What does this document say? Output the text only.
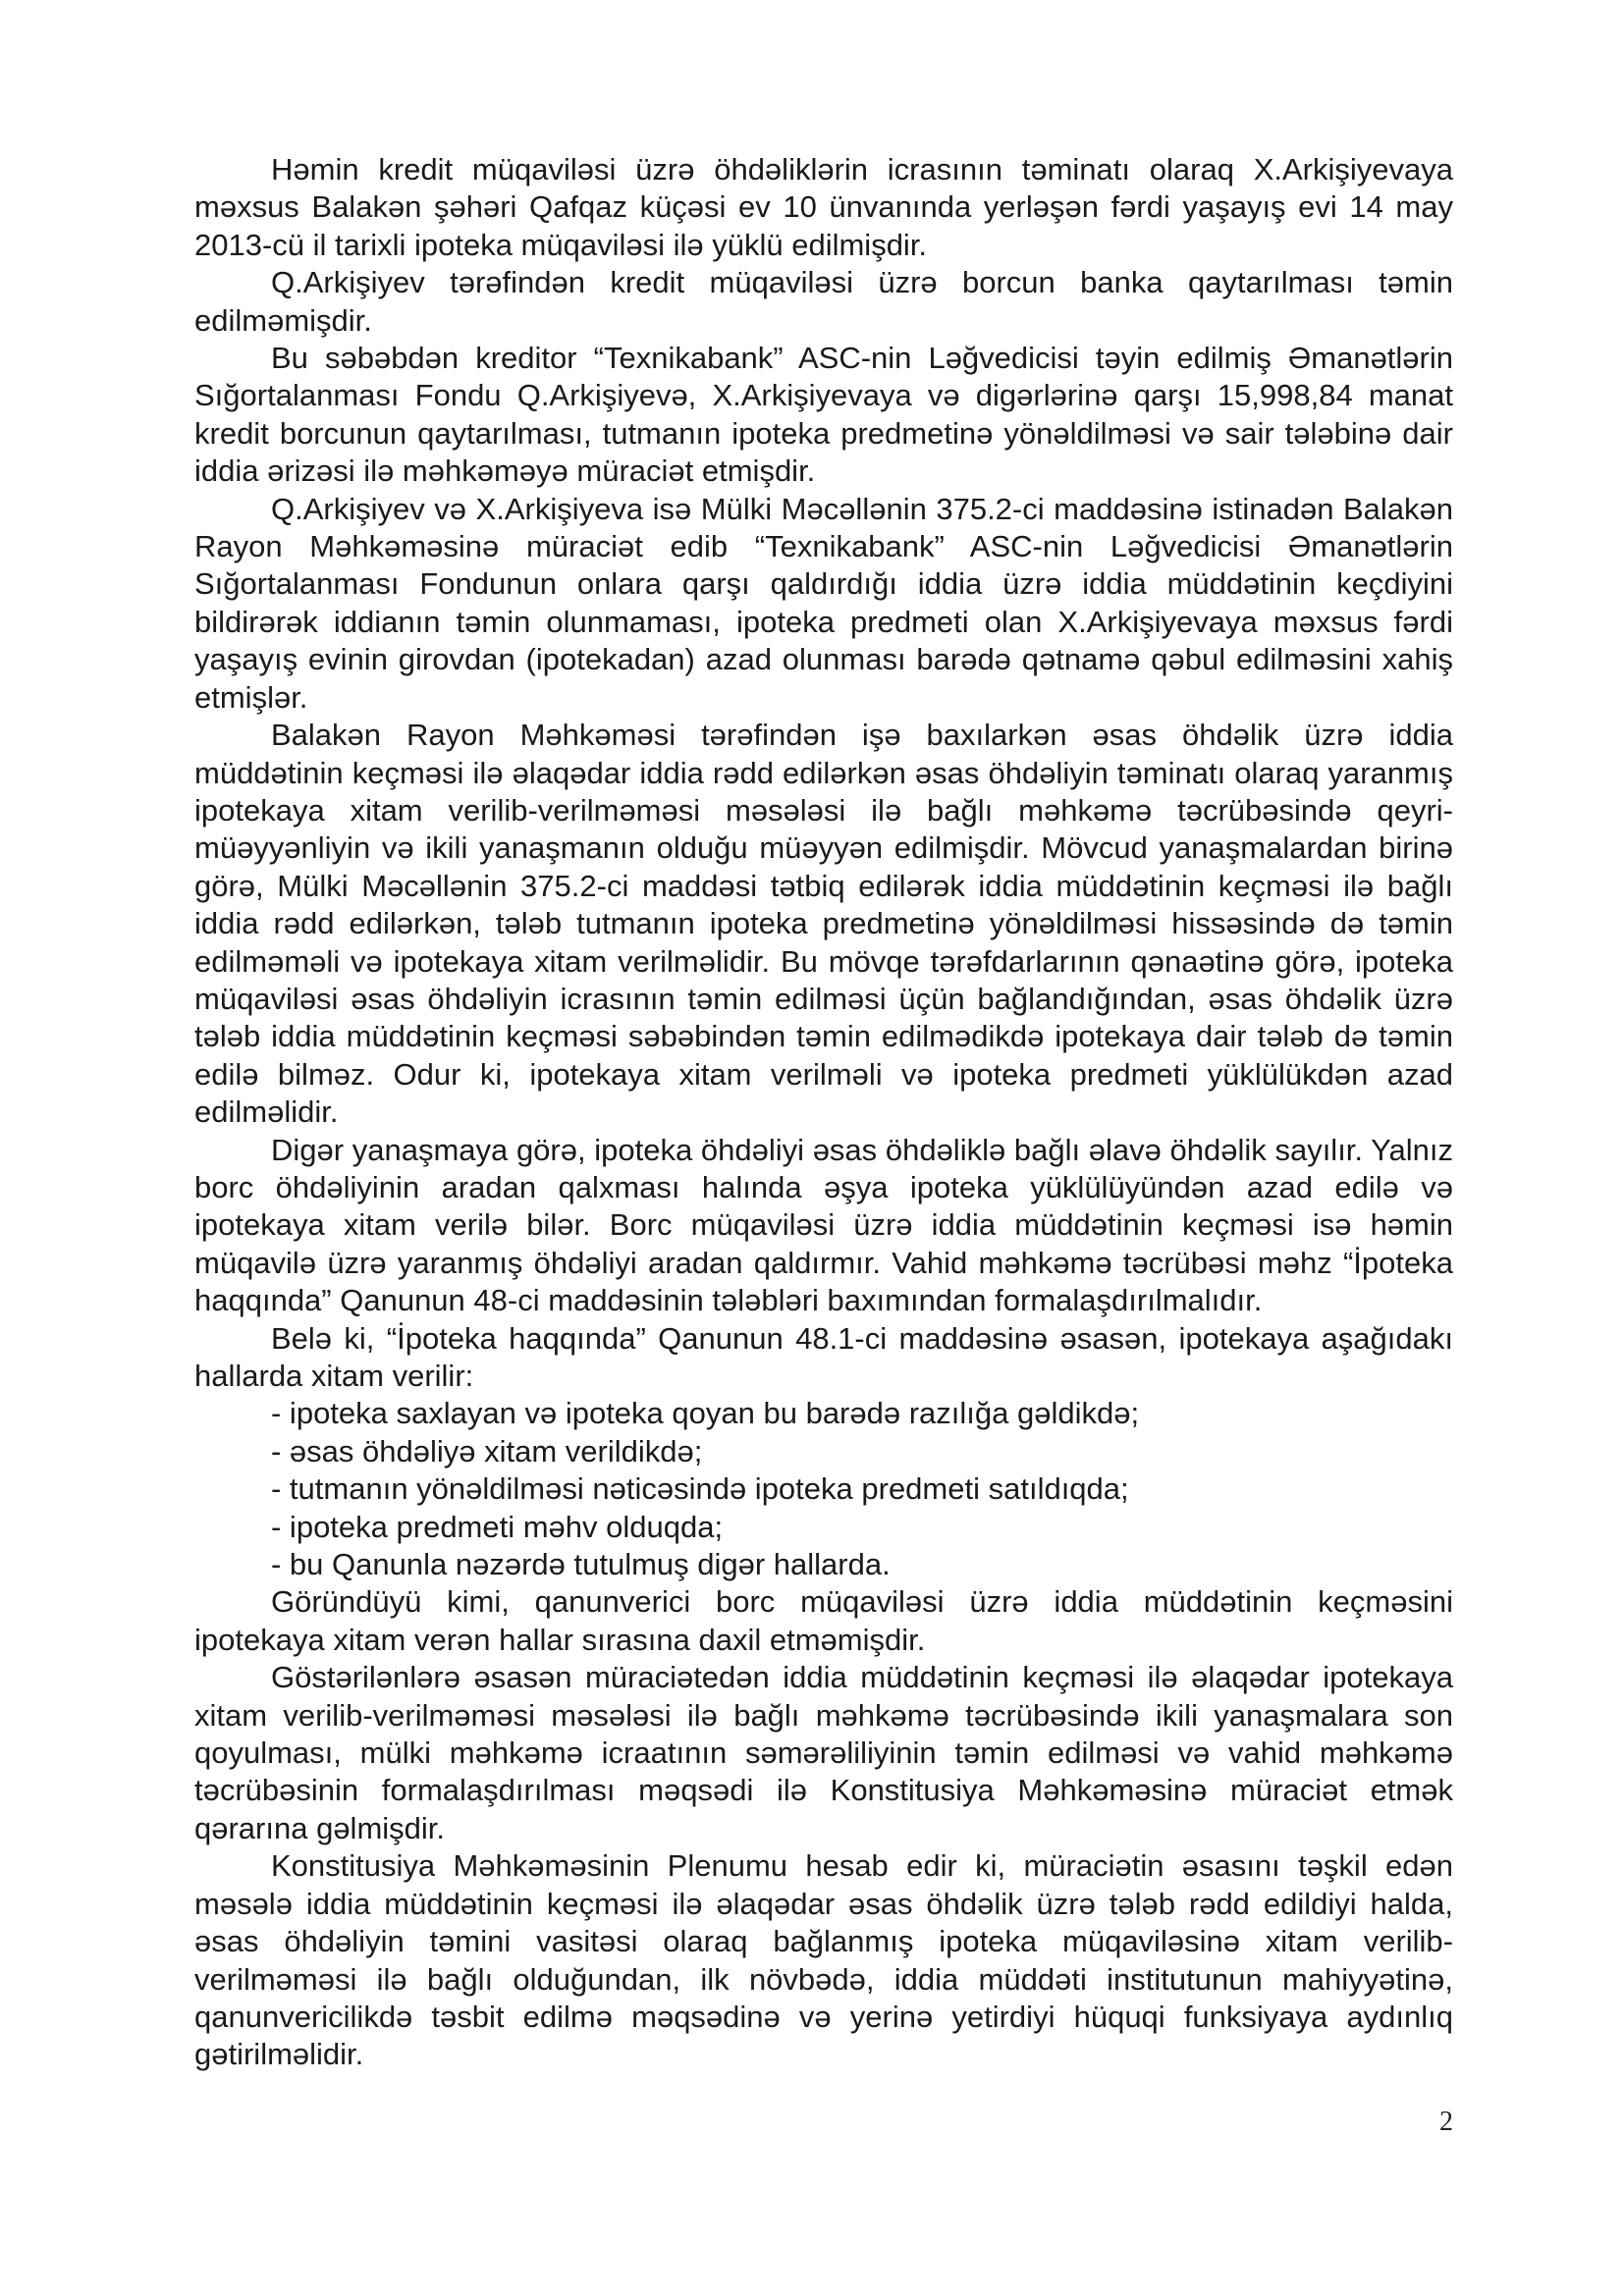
Həmin kredit müqaviləsi üzrə öhdəliklərin icrasının təminatı olaraq X.Arkişiyevaya məxsus Balakən şəhəri Qafqaz küçəsi ev 10 ünvanında yerləşən fərdi yaşayış evi 14 may 2013-cü il tarixli ipoteka müqaviləsi ilə yüklü edilmişdir.

Q.Arkişiyev tərəfindən kredit müqaviləsi üzrə borcun banka qaytarılması təmin edilməmişdir.

Bu səbəbdən kreditor “Texnikabank” ASC-nin Ləğvedicisi təyin edilmiş Əmanətlərin Sığortalanması Fondu Q.Arkişiyevə, X.Arkişiyevaya və digərlərinə qarşı 15,998,84 manat kredit borcunun qaytarılması, tutmanın ipoteka predmetinə yönəldilməsi və sair tələbinə dair iddia ərizəsi ilə məhkəməyə müraciət etmişdir.

Q.Arkişiyev və X.Arkişiyeva isə Mülki Məcəllənin 375.2-ci maddəsinə istinadən Balakən Rayon Məhkəməsinə müraciət edib “Texnikabank” ASC-nin Ləğvedicisi Əmanətlərin Sığortalanması Fondunun onlara qarşı qaldırdığı iddia üzrə iddia müddətinin keçdiyini bildirərək iddianın təmin olunmaması, ipoteka predmeti olan X.Arkişiyevaya məxsus fərdi yaşayış evinin girovdan (ipotekadan) azad olunması barədə qətnamə qəbul edilməsini xahiş etmişlər.

Balakən Rayon Məhkəməsi tərəfindən işə baxılarkən əsas öhdəlik üzrə iddia müddətinin keçməsi ilə əlaqədar iddia rədd edilərkən əsas öhdəliyin təminatı olaraq yaranmış ipotekaya xitam verilib-verilməməsi məsələsi ilə bağlı məhkəmə təcrübəsində qeyri-müəyyənliyin və ikili yanaşmanın olduğu müəyyən edilmişdir. Mövcud yanaşmalardan birinə görə, Mülki Məcəllənin 375.2-ci maddəsi tətbiq edilərək iddia müddətinin keçməsi ilə bağlı iddia rədd edilərkən, tələb tutmanın ipoteka predmetinə yönəldilməsi hissəsində də təmin edilməməli və ipotekaya xitam verilməlidir. Bu mövqe tərəfdarlarının qənaətinə görə, ipoteka müqaviləsi əsas öhdəliyin icrasının təmin edilməsi üçün bağlandığından, əsas öhdəlik üzrə tələb iddia müddətinin keçməsi səbəbindən təmin edilmədikdə ipotekaya dair tələb də təmin edilə bilməz. Odur ki, ipotekaya xitam verilməli və ipoteka predmeti yüklülükdən azad edilməlidir.

Digər yanaşmaya görə, ipoteka öhdəliyi əsas öhdəliklə bağlı əlavə öhdəlik sayılır. Yalnız borc öhdəliyinin aradan qalxması halında əşya ipoteka yüklülüyündən azad edilə və ipotekaya xitam verilə bilər. Borc müqaviləsi üzrə iddia müddətinin keçməsi isə həmin müqavilə üzrə yaranmış öhdəliyi aradan qaldırmır. Vahid məhkəmə təcrübəsi məhz “İpoteka haqqında” Qanunun 48-ci maddəsinin tələbləri baxımından formalaşdırılmalıdır.

Belə ki, “İpoteka haqqında” Qanunun 48.1-ci maddəsinə əsasən, ipotekaya aşağıdakı hallarda xitam verilir:

- ipoteka saxlayan və ipoteka qoyan bu barədə razılığa gəldikdə;
- əsas öhdəliyə xitam verildikdə;
- tutmanın yönəldilməsi nəticəsində ipoteka predmeti satıldıqda;
- ipoteka predmeti məhv olduqda;
- bu Qanunla nəzərdə tutulmuş digər hallarda.

Göründüyü kimi, qanunverici borc müqaviləsi üzrə iddia müddətinin keçməsini ipotekaya xitam verən hallar sırasına daxil etməmişdir.

Göstərilənlərə əsasən müraciətedən iddia müddətinin keçməsi ilə əlaqədar ipotekaya xitam verilib-verilməməsi məsələsi ilə bağlı məhkəmə təcrübəsində ikili yanaşmalara son qoyulması, mülki məhkəmə icraatının səmərəliliyinin təmin edilməsi və vahid məhkəmə təcrübəsinin formalaşdırılması məqsədi ilə Konstitusiya Məhkəməsinə müraciət etmək qərarına gəlmişdir.

Konstitusiya Məhkəməsinin Plenumu hesab edir ki, müraciətin əsasını təşkil edən məsələ iddia müddətinin keçməsi ilə əlaqədar əsas öhdəlik üzrə tələb rədd edildiyi halda, əsas öhdəliyin təmini vasitəsi olaraq bağlanmış ipoteka müqaviləsinə xitam verilib-verilməməsi ilə bağlı olduğundan, ilk növbədə, iddia müddəti institutunun mahiyyətinə, qanunvericilikdə təsbit edilmə məqsədinə və yerinə yetirdiyi hüquqi funksiyaya aydınlıq gətirilməlidir.

2
